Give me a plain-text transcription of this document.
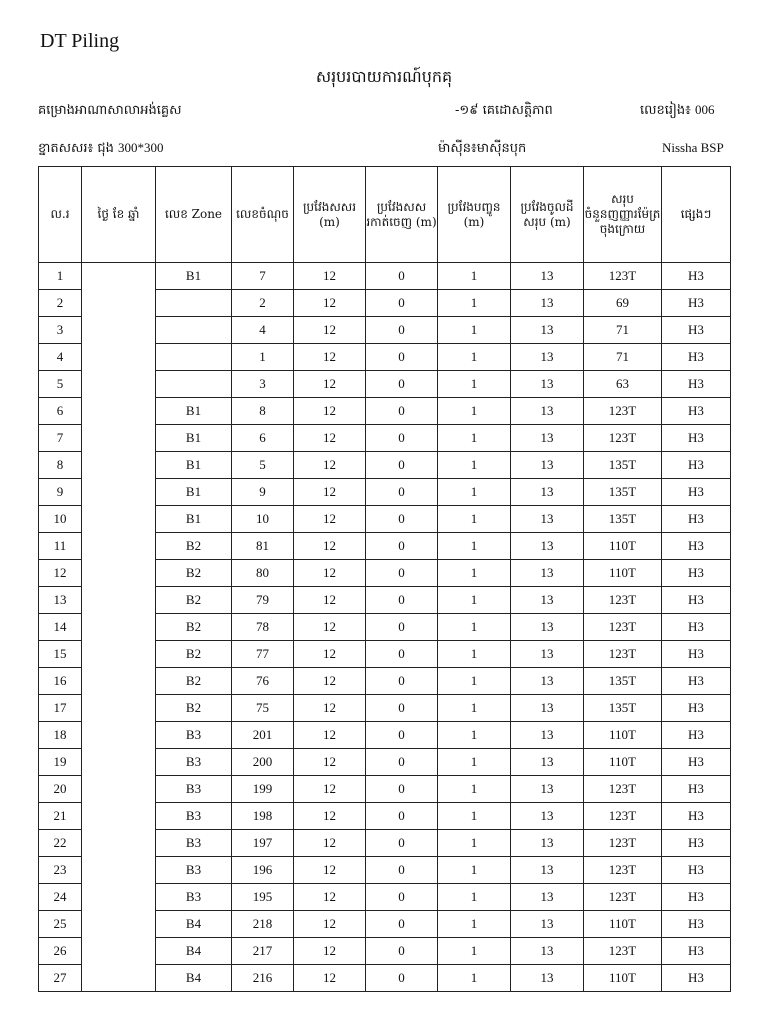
DT Piling
សរុបរបាយការណ៍បុកគុ
គម្រោងអាណាសាលាអង់គ្លេស	-១៩ គេដោសត្តិភាព	លេខរៀង៖ 006
ខ្នាតសសរ៖ ជុង 300*300	ម៉ាស៊ីន៖មាស៊ីនបុក	Nissha BSP
ល.រ	ថ្ងៃ ខែ ឆ្នាំ	លេខ Zone	លេខចំណុច	ប្រវែងសសរ (m)	ប្រវែងសសរកាត់ចេញ (m)	ប្រវែងបញ្ចូន (m)	ប្រវែងចូលដីសរុប (m)	សរុបចំនួនញញ្ញារម៉ែត្រ ចុងក្រោយ	ផ្សេងៗ
1		B1	7	12	0	1	13	123T	H3
2			2	12	0	1	13	69	H3
3			4	12	0	1	13	71	H3
4			1	12	0	1	13	71	H3
5			3	12	0	1	13	63	H3
6		B1	8	12	0	1	13	123T	H3
7		B1	6	12	0	1	13	123T	H3
8		B1	5	12	0	1	13	135T	H3
9		B1	9	12	0	1	13	135T	H3
10		B1	10	12	0	1	13	135T	H3
11		B2	81	12	0	1	13	110T	H3
12		B2	80	12	0	1	13	110T	H3
13		B2	79	12	0	1	13	123T	H3
14		B2	78	12	0	1	13	123T	H3
15		B2	77	12	0	1	13	123T	H3
16		B2	76	12	0	1	13	135T	H3
17		B2	75	12	0	1	13	135T	H3
18		B3	201	12	0	1	13	110T	H3
19		B3	200	12	0	1	13	110T	H3
20		B3	199	12	0	1	13	123T	H3
21		B3	198	12	0	1	13	123T	H3
22		B3	197	12	0	1	13	123T	H3
23		B3	196	12	0	1	13	123T	H3
24		B3	195	12	0	1	13	123T	H3
25		B4	218	12	0	1	13	110T	H3
26		B4	217	12	0	1	13	123T	H3
27		B4	216	12	0	1	13	110T	H3
